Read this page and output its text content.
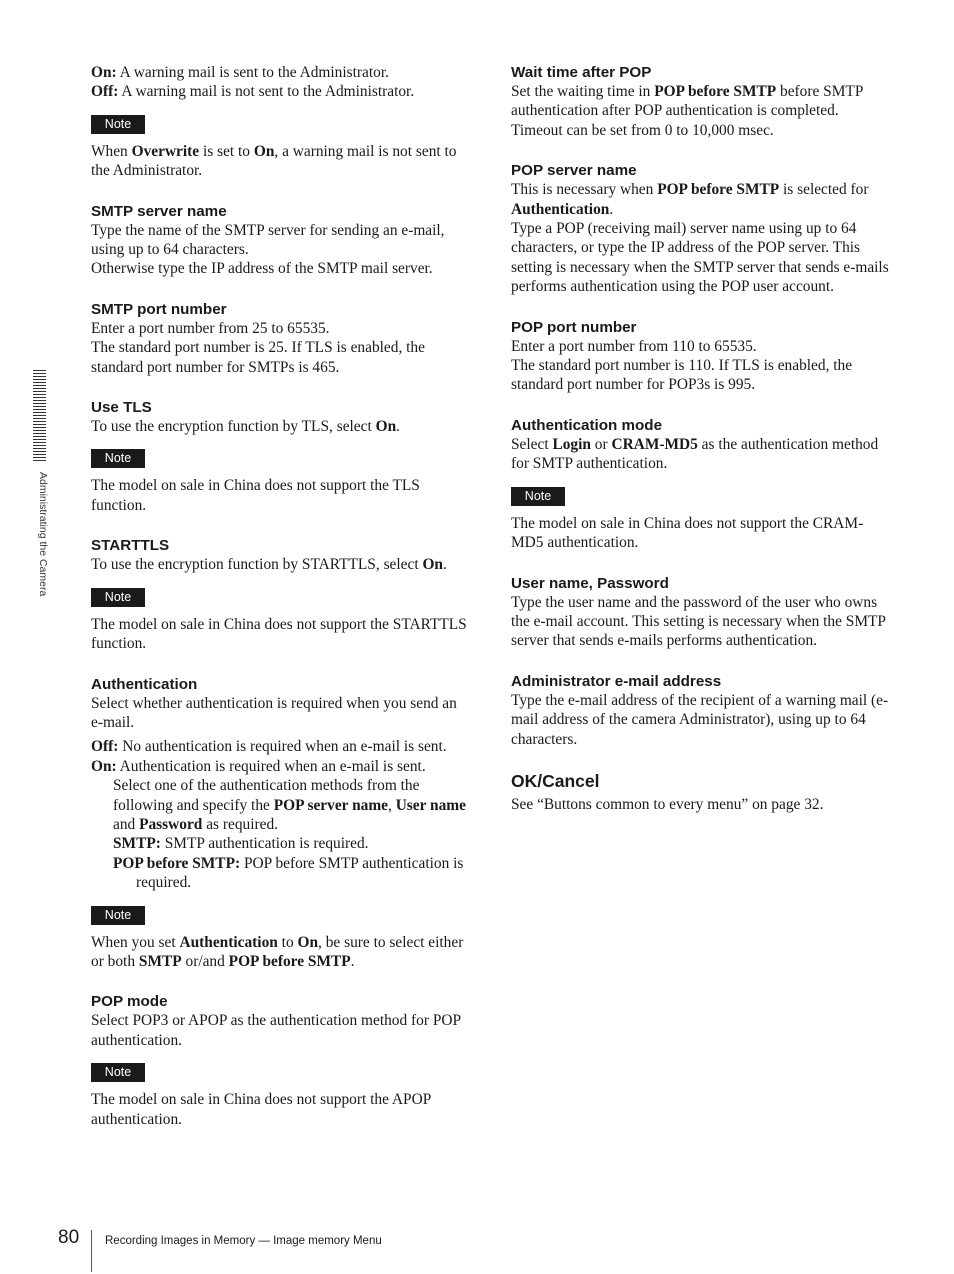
Administrating the Camera

On: A warning mail is sent to the Administrator.

Off: A warning mail is not sent to the Administrator.

Note

When Overwrite is set to On, a warning mail is not sent to the Administrator.

SMTP server name

Type the name of the SMTP server for sending an e-mail, using up to 64 characters.

Otherwise type the IP address of the SMTP mail server.

SMTP port number

Enter a port number from 25 to 65535.

The standard port number is 25. If TLS is enabled, the standard port number for SMTPs is 465.

Use TLS

To use the encryption function by TLS, select On.

Note

The model on sale in China does not support the TLS function.

STARTTLS

To use the encryption function by STARTTLS, select On.

Note

The model on sale in China does not support the STARTTLS function.

Authentication

Select whether authentication is required when you send an e-mail.

Off: No authentication is required when an e-mail is sent.

On: Authentication is required when an e-mail is sent.

Select one of the authentication methods from the following and specify the POP server name, User name and Password as required.

SMTP: SMTP authentication is required.

POP before SMTP: POP before SMTP authentication is required.

Note

When you set Authentication to On, be sure to select either or both SMTP or/and POP before SMTP.

POP mode

Select POP3 or APOP as the authentication method for POP authentication.

Note

The model on sale in China does not support the APOP authentication.

Wait time after POP

Set the waiting time in POP before SMTP before SMTP authentication after POP authentication is completed. Timeout can be set from 0 to 10,000 msec.

POP server name

This is necessary when POP before SMTP is selected for Authentication.

Type a POP (receiving mail) server name using up to 64 characters, or type the IP address of the POP server. This setting is necessary when the SMTP server that sends e-mails performs authentication using the POP user account.

POP port number

Enter a port number from 110 to 65535.

The standard port number is 110. If TLS is enabled, the standard port number for POP3s is 995.

Authentication mode

Select Login or CRAM-MD5 as the authentication method for SMTP authentication.

Note

The model on sale in China does not support the CRAM-MD5 authentication.

User name, Password

Type the user name and the password of the user who owns the e-mail account. This setting is necessary when the SMTP server that sends e-mails performs authentication.

Administrator e-mail address

Type the e-mail address of the recipient of a warning mail (e-mail address of the camera Administrator), using up to 64 characters.

OK/Cancel

See “Buttons common to every menu” on page 32.

80 Recording Images in Memory — Image memory Menu
